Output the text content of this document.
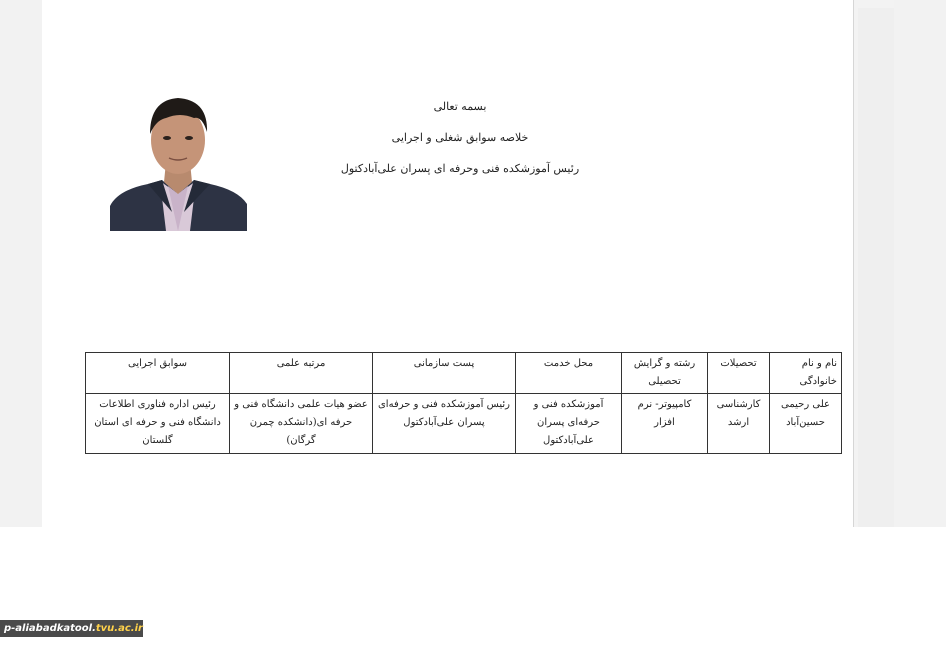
بسمه تعالی
خلاصه سوابق شغلی و اجرایی
رئیس آموزشکده فنی وحرفه ای پسران علی‌آبادکتول
نام و نام خانوادگی	تحصیلات	رشته و گرایش تحصیلی	محل خدمت	پست سازمانی	مرتبه علمی	سوابق اجرایی
علی رحیمی حسین‌آباد	کارشناسی ارشد	کامپیوتر- نرم افزار	آموزشکده فنی و حرفه‌ای پسران علی‌آبادکتول	رئیس آموزشکده فنی و حرفه‌ای پسران علی‌آبادکتول	عضو هیات علمی دانشگاه فنی و حرفه ای(دانشکده چمرن گرگان)	رئیس اداره فناوری اطلاعات دانشگاه فنی و حرفه ای استان گلستان
p-aliabadkatool.tvu.ac.ir
